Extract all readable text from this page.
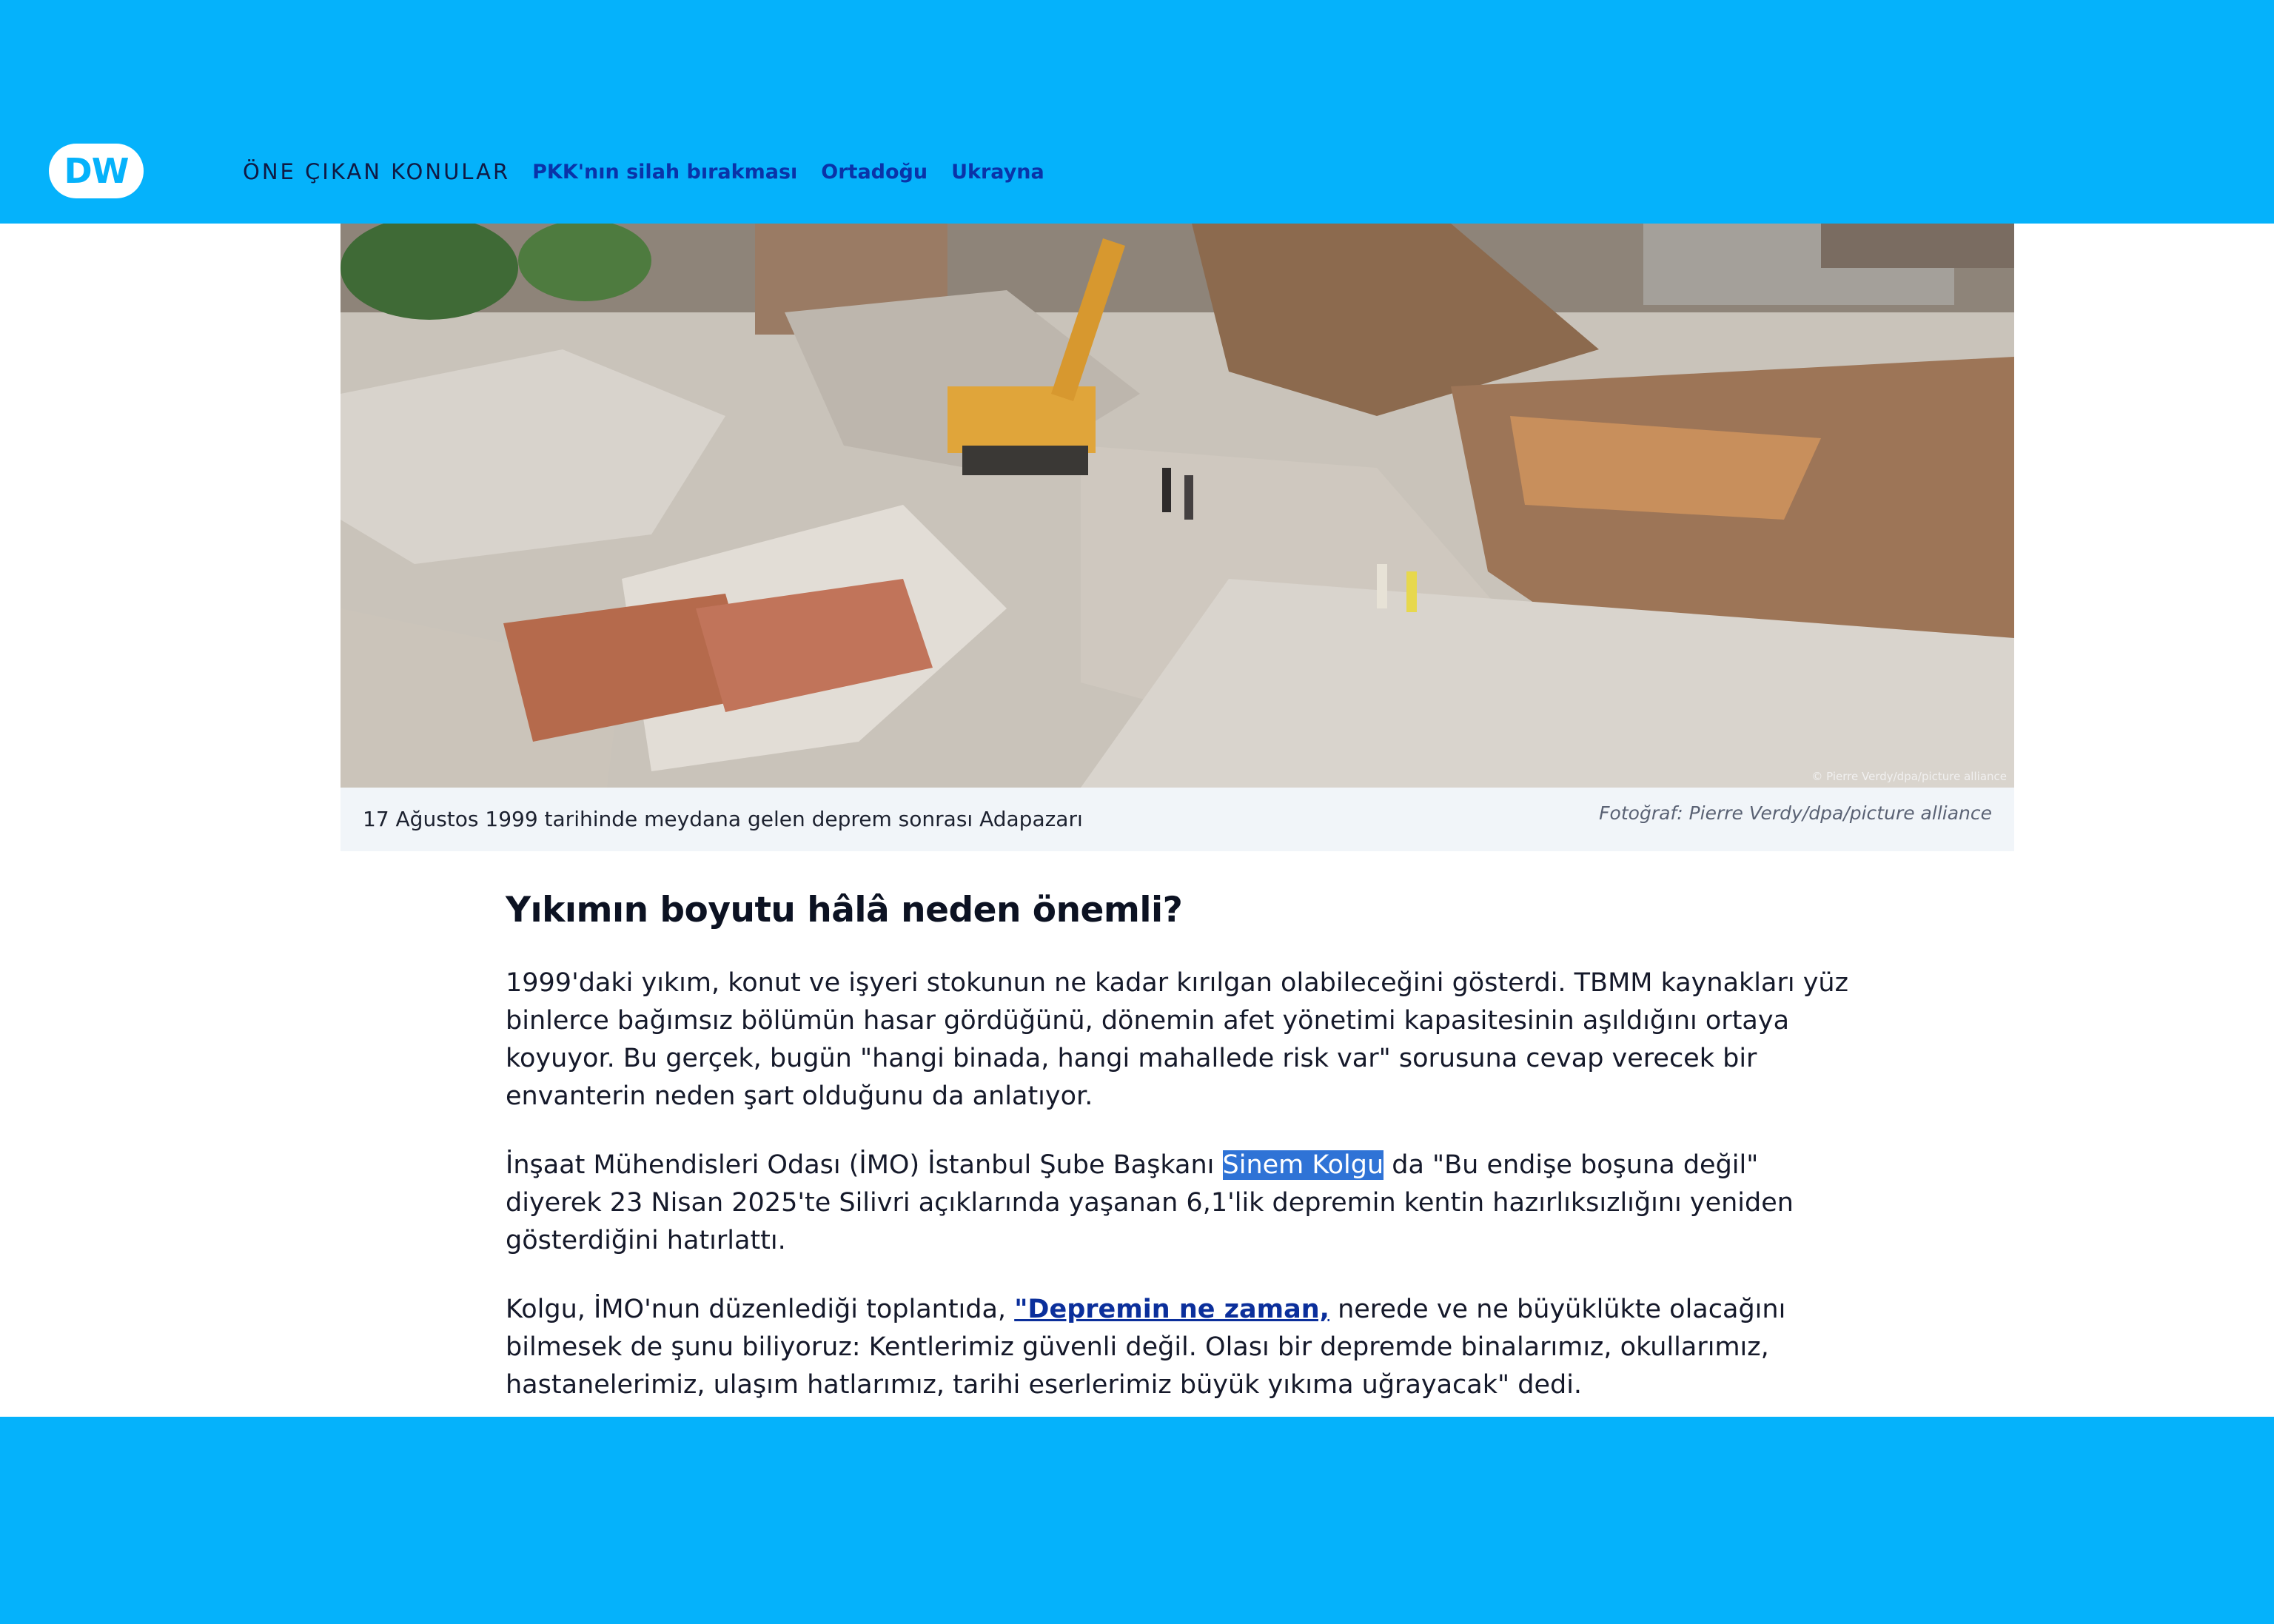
DW	ÖNE ÇIKAN KONULAR PKK'nın silah bırakması Ortadoğu Ukrayna
© Pierre Verdy/dpa/picture alliance
17 Ağustos 1999 tarihinde meydana gelen deprem sonrası Adapazarı	Fotoğraf: Pierre Verdy/dpa/picture alliance
Yıkımın boyutu hâlâ neden önemli?

1999'daki yıkım, konut ve işyeri stokunun ne kadar kırılgan olabileceğini gösterdi. TBMM kaynakları yüz binlerce bağımsız bölümün hasar gördüğünü, dönemin afet yönetimi kapasitesinin aşıldığını ortaya koyuyor. Bu gerçek, bugün "hangi binada, hangi mahallede risk var" sorusuna cevap verecek bir envanterin neden şart olduğunu da anlatıyor.

İnşaat Mühendisleri Odası (İMO) İstanbul Şube Başkanı Sinem Kolgu da "Bu endişe boşuna değil" diyerek 23 Nisan 2025'te Silivri açıklarında yaşanan 6,1'lik depremin kentin hazırlıksızlığını yeniden gösterdiğini hatırlattı.

Kolgu, İMO'nun düzenlediği toplantıda, "Depremin ne zaman, nerede ve ne büyüklükte olacağını bilmesek de şunu biliyoruz: Kentlerimiz güvenli değil. Olası bir depremde binalarımız, okullarımız, hastanelerimiz, ulaşım hatlarımız, tarihi eserlerimiz büyük yıkıma uğrayacak" dedi.
